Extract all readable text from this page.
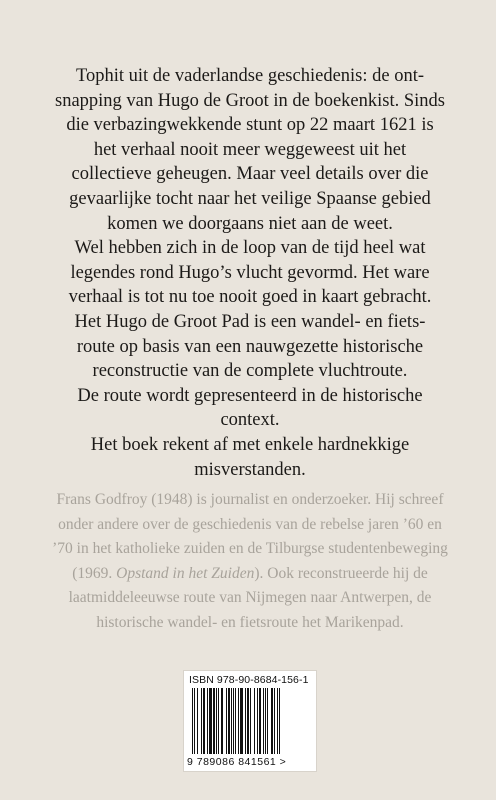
Tophit uit de vaderlandse geschiedenis: de ont- snapping van Hugo de Groot in de boekenkist. Sinds die verbazingwekkende stunt op 22 maart 1621 is het verhaal nooit meer weggeweest uit het collectieve geheugen. Maar veel details over die gevaarlijke tocht naar het veilige Spaanse gebied komen we doorgaans niet aan de weet.

Wel hebben zich in de loop van de tijd heel wat legendes rond Hugo’s vlucht gevormd. Het ware verhaal is tot nu toe nooit goed in kaart gebracht.

Het Hugo de Groot Pad is een wandel- en fiets- route op basis van een nauwgezette historische reconstructie van de complete vluchtroute.

De route wordt gepresenteerd in de historische context.

Het boek rekent af met enkele hardnekkige misverstanden.

Frans Godfroy (1948) is journalist en onderzoeker. Hij schreef onder andere over de geschiedenis van de rebelse jaren ’60 en ’70 in het katholieke zuiden en de Tilburgse studentenbeweging (1969. Opstand in het Zuiden). Ook reconstrueerde hij de laatmiddeleeuwse route van Nijmegen naar Antwerpen, de historische wandel- en fietsroute het Marikenpad.

ISBN 978-90-8684-156-1
9 789086 841561 >
